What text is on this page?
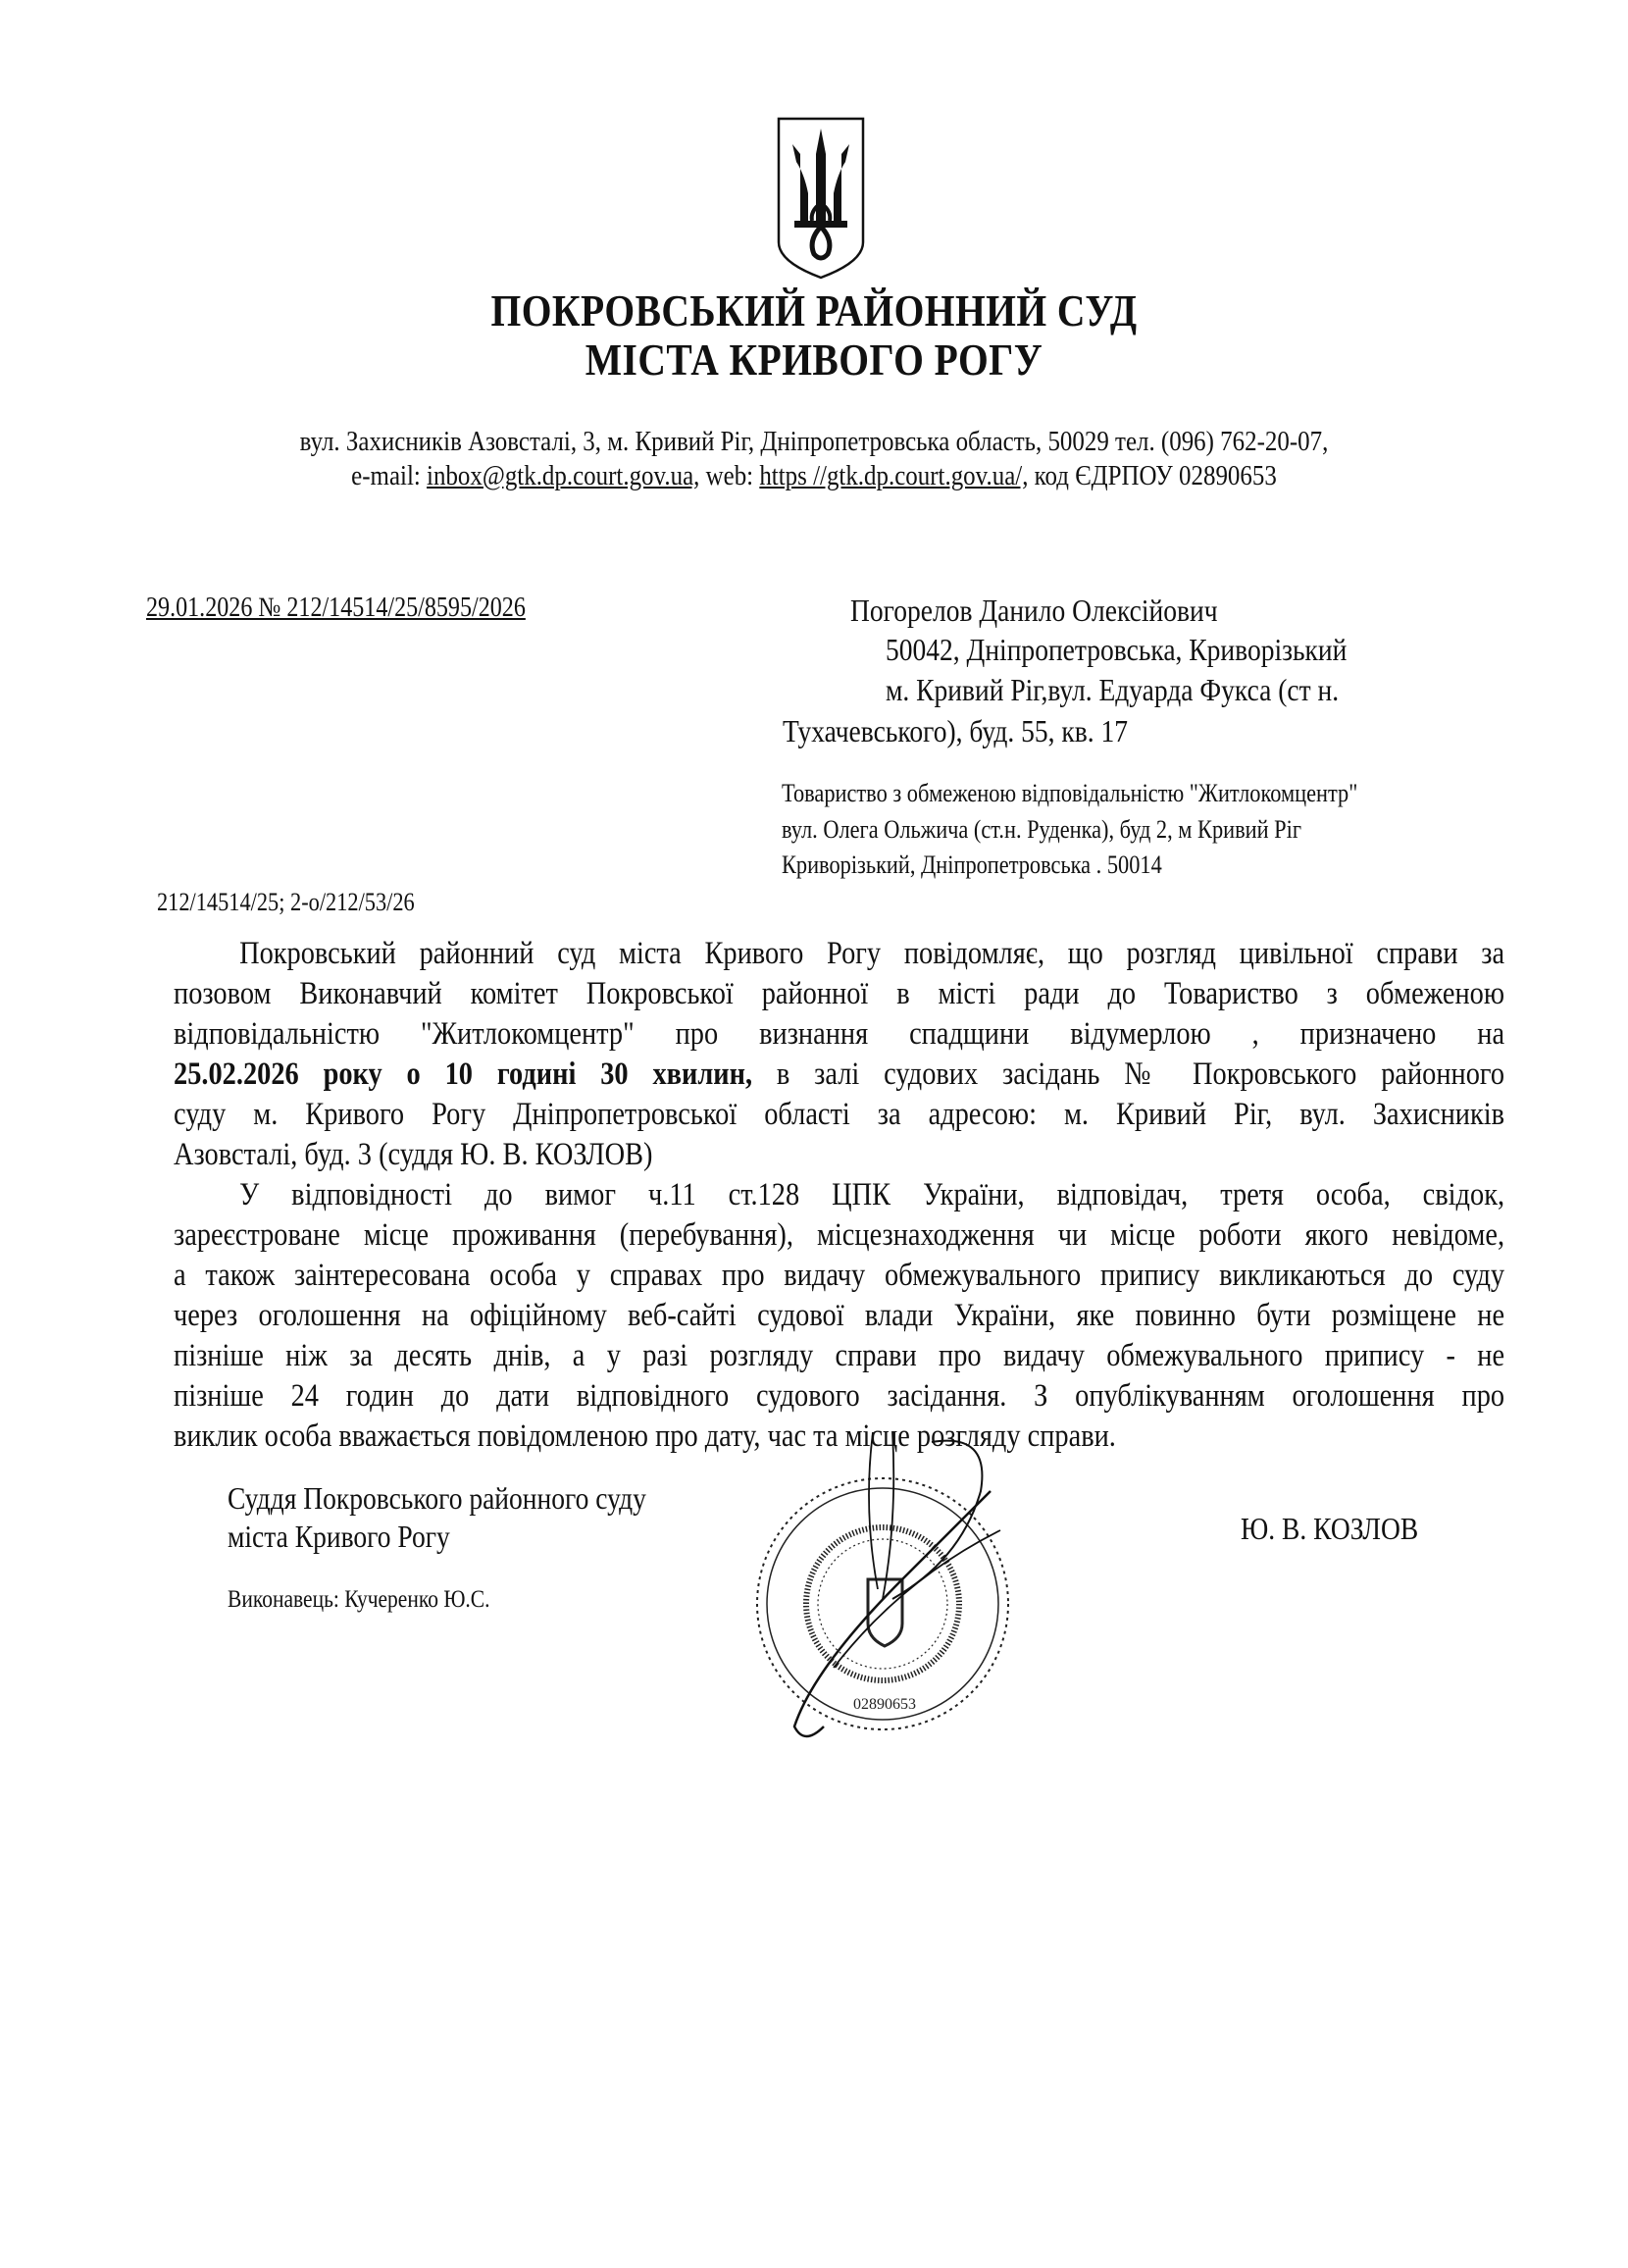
ПОКРОВСЬКИЙ РАЙОННИЙ СУД
МІСТА КРИВОГО РОГУ
вул. Захисників Азовсталі, 3, м. Кривий Ріг, Дніпропетровська область, 50029 тел. (096) 762-20-07,
e-mail: inbox@gtk.dp.court.gov.ua, web: https //gtk.dp.court.gov.ua/, код ЄДРПОУ 02890653
29.01.2026 № 212/14514/25/8595/2026	Погорелов Данило Олексійович
50042, Дніпропетровська, Криворізький
м. Кривий Ріг,вул. Едуарда Фукса (ст н.
Тухачевського), буд. 55, кв. 17
Товариство з обмеженою відповідальністю "Житлокомцентр"
вул. Олега Ольжича (ст.н. Руденка), буд 2, м Кривий Ріг
Криворізький, Дніпропетровська . 50014
212/14514/25; 2-о/212/53/26
Покровський районний суд міста Кривого Рогу повідомляє, що розгляд цивільної справи за
позовом Виконавчий комітет Покровської районної в місті ради до Товариство з обмеженою
відповідальністю "Житлокомцентр" про визнання спадщини відумерлою , призначено на
25.02.2026 року о 10 годині 30 хвилин, в залі судових засідань № Покровського районного
суду м. Кривого Рогу Дніпропетровської області за адресою: м. Кривий Ріг, вул. Захисників
Азовсталі, буд. 3 (суддя Ю. В. КОЗЛОВ)
У відповідності до вимог ч.11 ст.128 ЦПК України, відповідач, третя особа, свідок,
зареєстроване місце проживання (перебування), місцезнаходження чи місце роботи якого невідоме,
а також заінтересована особа у справах про видачу обмежувального припису викликаються до суду
через оголошення на офіційному веб-сайті судової влади України, яке повинно бути розміщене не
пізніше ніж за десять днів, а у разі розгляду справи про видачу обмежувального припису - не
пізніше 24 годин до дати відповідного судового засідання. З опублікуванням оголошення про
виклик особа вважається повідомленою про дату, час та місце розгляду справи.
Суддя Покровського районного суду
міста Кривого Рогу	Ю. В. КОЗЛОВ
Виконавець: Кучеренко Ю.С.
02890653
